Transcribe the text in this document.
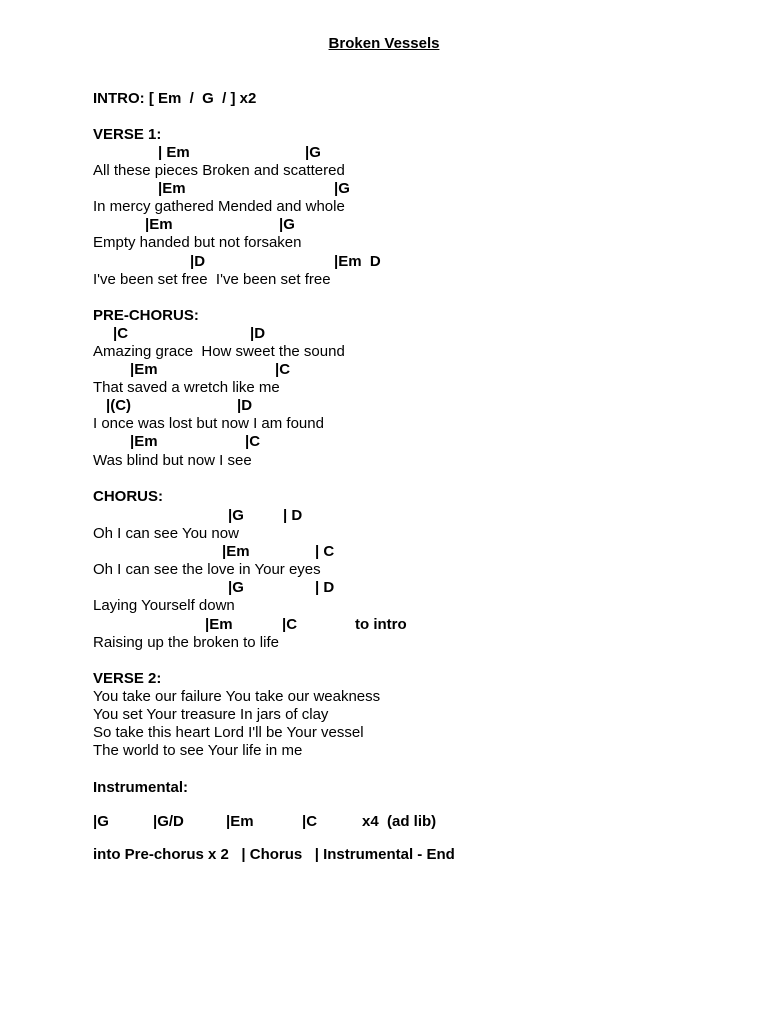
Broken Vessels
INTRO: [ Em  /  G  / ] x2
VERSE 1:
| Em	|G
All these pieces Broken and scattered
|Em	|G
In mercy gathered Mended and whole
|Em	|G
Empty handed but not forsaken
|D	|Em  D
I've been set free  I've been set free
PRE-CHORUS:
|C	|D
Amazing grace  How sweet the sound
|Em	|C
That saved a wretch like me
|(C)	|D
I once was lost but now I am found
|Em	|C
Was blind but now I see
CHORUS:
|G	| D
Oh I can see You now
|Em	| C
Oh I can see the love in Your eyes
|G	| D
Laying Yourself down
|Em	|C	to intro
Raising up the broken to life
VERSE 2:
You take our failure You take our weakness
You set Your treasure In jars of clay
So take this heart Lord I'll be Your vessel
The world to see Your life in me
Instrumental:
|G	|G/D	|Em	|C	x4  (ad lib)
into Pre-chorus x 2   | Chorus   | Instrumental - End
